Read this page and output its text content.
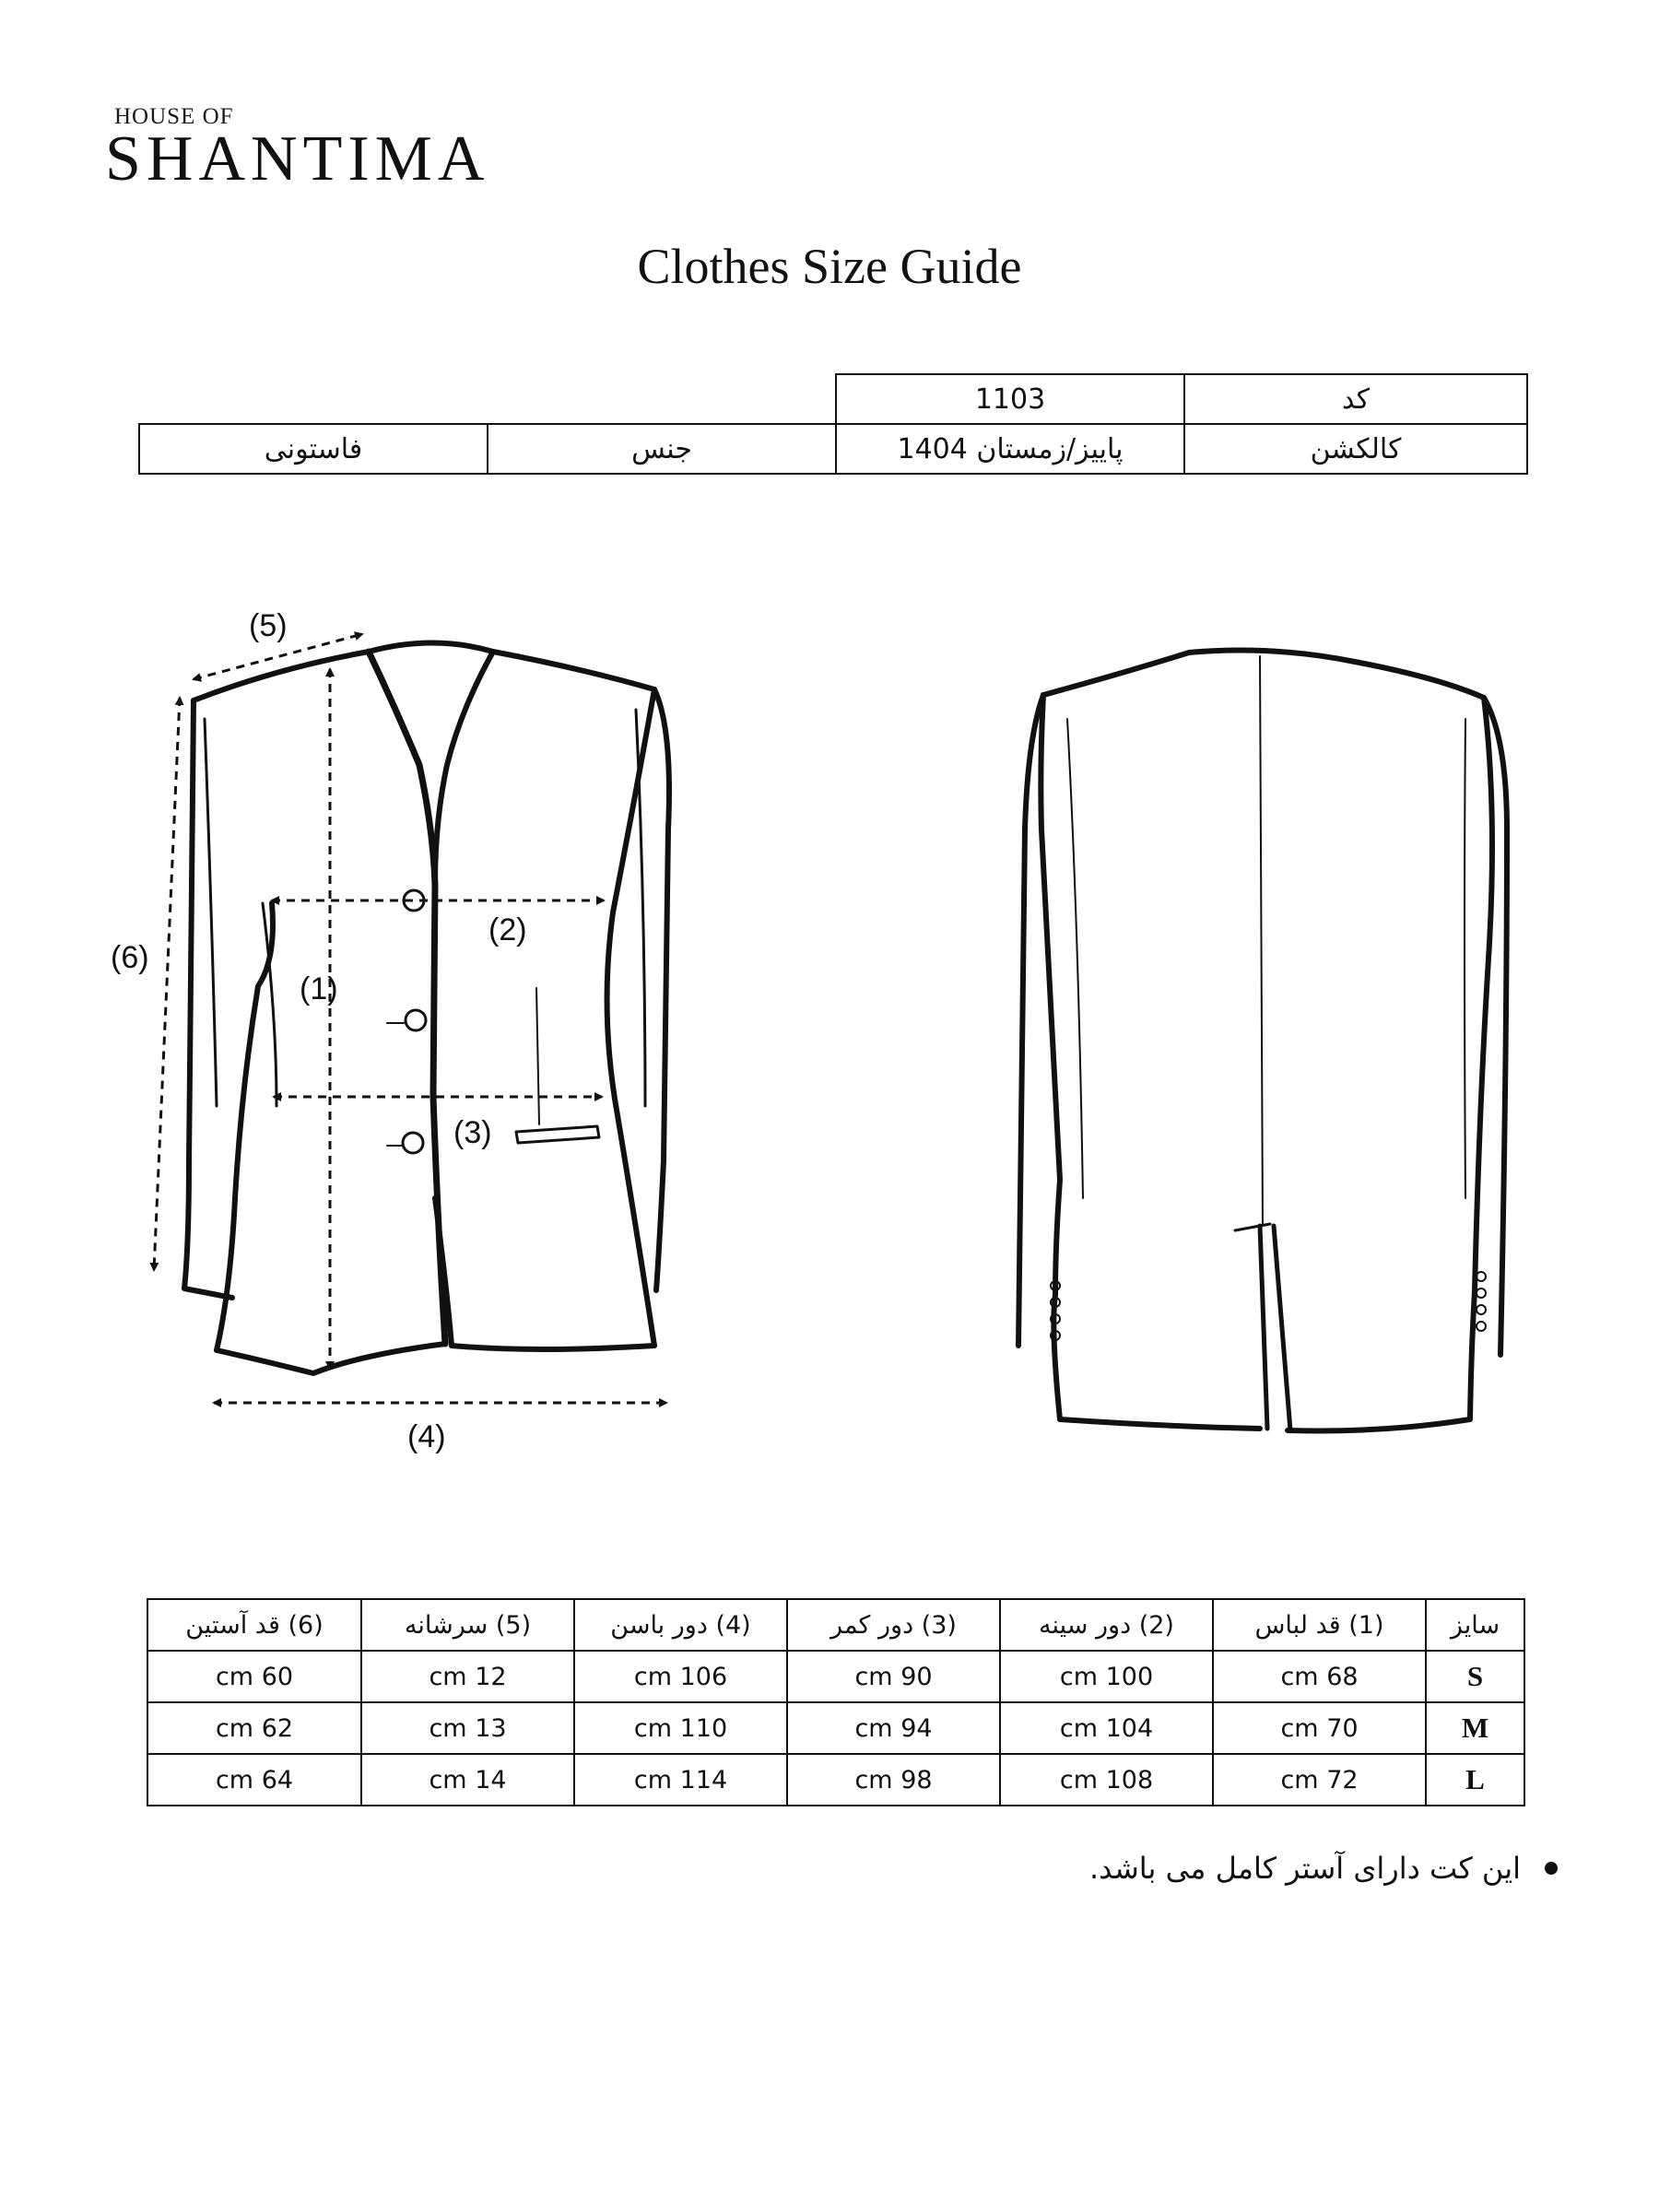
HOUSE OF
SHANTIMA
Clothes Size Guide
		1103	کد
فاستونی	جنس	پاییز/زمستان 1404	کالکشن
(1)
(2)
(3)
(4)
(5)
(6)
سایز	(1) قد لباس	(2) دور سینه	(3) دور کمر	(4) دور باسن	(5) سرشانه	(6) قد آستین
S	68 cm	100 cm	90 cm	106 cm	12 cm	60 cm
M	70 cm	104 cm	94 cm	110 cm	13 cm	62 cm
L	72 cm	108 cm	98 cm	114 cm	14 cm	64 cm
این کت دارای آستر کامل می باشد.
